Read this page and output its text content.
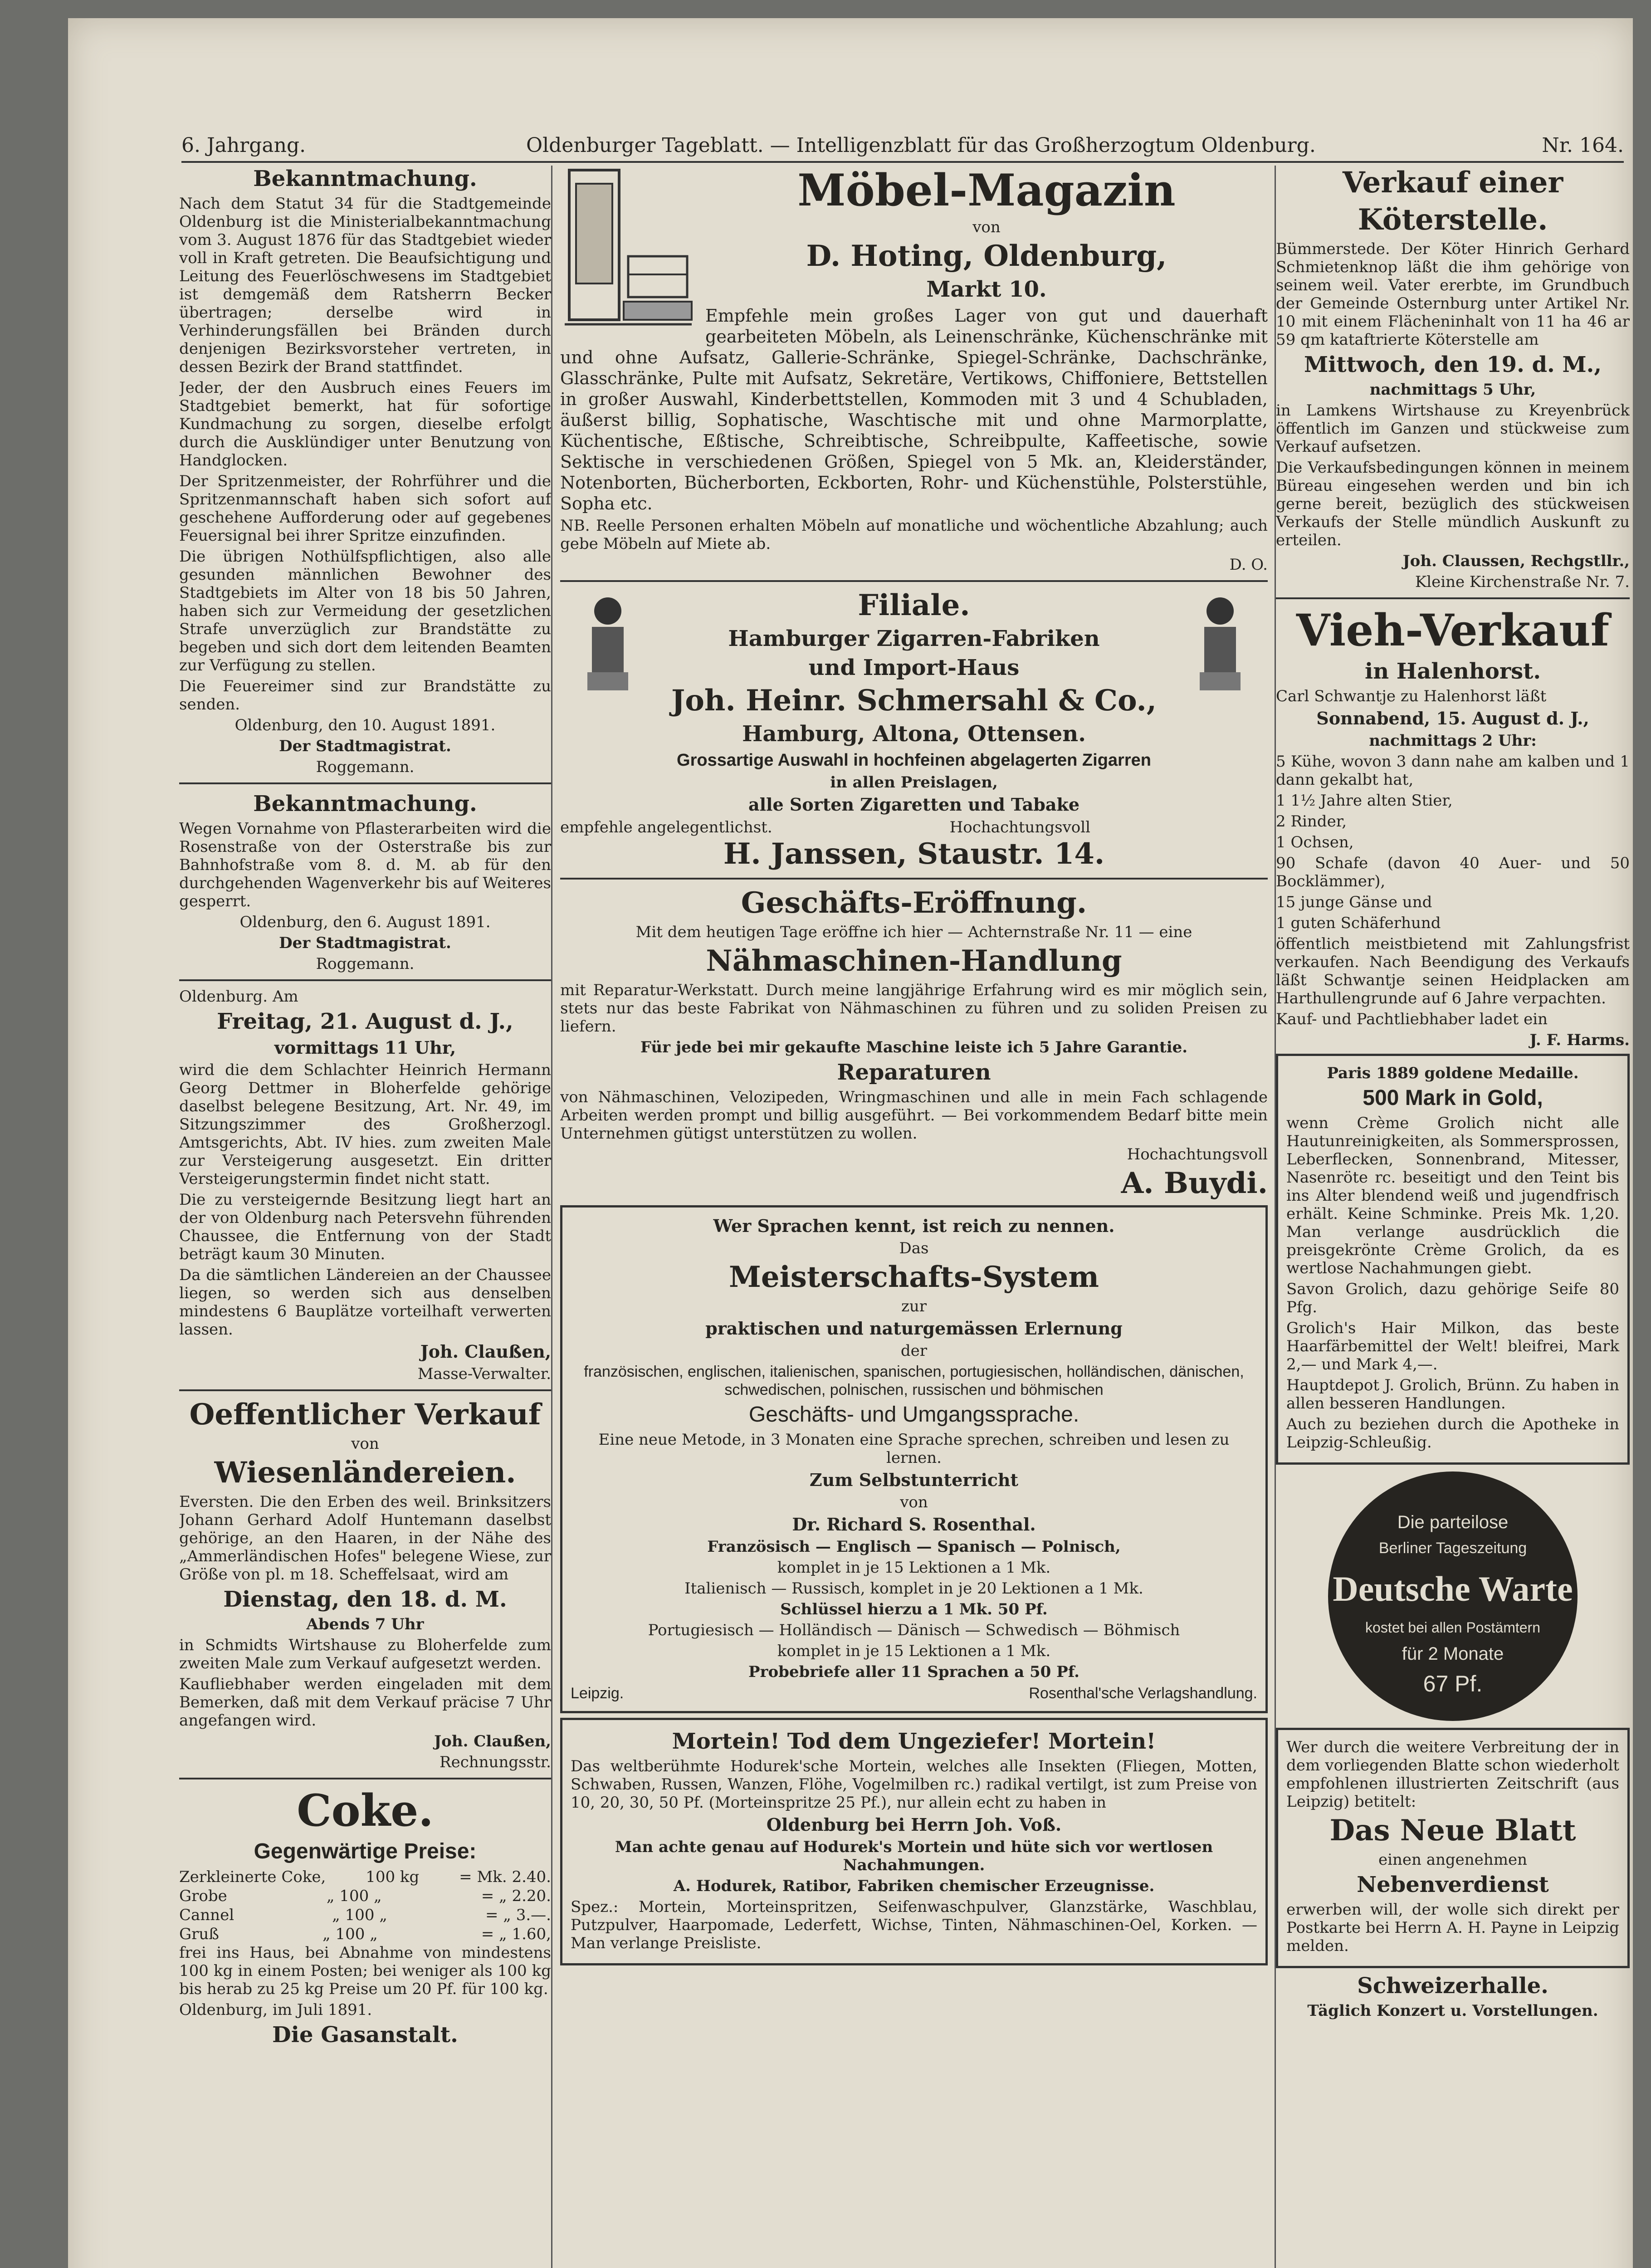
6. Jahrgang.	Oldenburger Tageblatt. — Intelligenzblatt für das Großherzogtum Oldenburg.	Nr. 164.

Bekanntmachung.

Nach dem Statut 34 für die Stadtgemeinde Oldenburg ist die Ministerialbekanntmachung vom 3. August 1876 für das Stadtgebiet wieder voll in Kraft getreten. Die Beaufsichtigung und Leitung des Feuerlöschwesens im Stadtgebiet ist demgemäß dem Ratsherrn Becker übertragen; derselbe wird in Verhinderungsfällen bei Bränden durch denjenigen Bezirksvorsteher vertreten, in dessen Bezirk der Brand stattfindet.

Jeder, der den Ausbruch eines Feuers im Stadtgebiet bemerkt, hat für sofortige Kundmachung zu sorgen, dieselbe erfolgt durch die Ausklündiger unter Benutzung von Handglocken.

Der Spritzenmeister, der Rohrführer und die Spritzenmannschaft haben sich sofort auf geschehene Aufforderung oder auf gegebenes Feuersignal bei ihrer Spritze einzufinden.

Die übrigen Nothülfspflichtigen, also alle gesunden männlichen Bewohner des Stadtgebiets im Alter von 18 bis 50 Jahren, haben sich zur Vermeidung der gesetzlichen Strafe unverzüglich zur Brandstätte zu begeben und sich dort dem leitenden Beamten zur Verfügung zu stellen.

Die Feuereimer sind zur Brandstätte zu senden.

Oldenburg, den 10. August 1891.

Der Stadtmagistrat.

Roggemann.

Bekanntmachung.

Wegen Vornahme von Pflasterarbeiten wird die Rosenstraße von der Osterstraße bis zur Bahnhofstraße vom 8. d. M. ab für den durchgehenden Wagenverkehr bis auf Weiteres gesperrt.

Oldenburg, den 6. August 1891.

Der Stadtmagistrat.

Roggemann.

Oldenburg. Am

Freitag, 21. August d. J.,

vormittags 11 Uhr,

wird die dem Schlachter Heinrich Hermann Georg Dettmer in Bloherfelde gehörige daselbst belegene Besitzung, Art. Nr. 49, im Sitzungszimmer des Großherzogl. Amtsgerichts, Abt. IV hies. zum zweiten Male zur Versteigerung ausgesetzt. Ein dritter Versteigerungstermin findet nicht statt.

Die zu versteigernde Besitzung liegt hart an der von Oldenburg nach Petersvehn führenden Chaussee, die Entfernung von der Stadt beträgt kaum 30 Minuten.

Da die sämtlichen Ländereien an der Chaussee liegen, so werden sich aus denselben mindestens 6 Bauplätze vorteilhaft verwerten lassen.

Joh. Claußen,

Masse-Verwalter.

Oeffentlicher Verkauf

von

Wiesenländereien.

Eversten. Die den Erben des weil. Brinksitzers Johann Gerhard Adolf Huntemann daselbst gehörige, an den Haaren, in der Nähe des „Ammerländischen Hofes" belegene Wiese, zur Größe von pl. m 18. Scheffelsaat, wird am

Dienstag, den 18. d. M.

Abends 7 Uhr

in Schmidts Wirtshause zu Bloherfelde zum zweiten Male zum Verkauf aufgesetzt werden.

Kaufliebhaber werden eingeladen mit dem Bemerken, daß mit dem Verkauf präcise 7 Uhr angefangen wird.

Joh. Claußen,

Rechnungsstr.

Coke.

Gegenwärtige Preise:

Zerkleinerte Coke,	100 kg	= Mk. 2.40.
Grobe	„ 100 „	= „ 2.20.
Cannel	„ 100 „	= „ 3.—.
Gruß	„ 100 „	= „ 1.60,

frei ins Haus, bei Abnahme von mindestens 100 kg in einem Posten; bei weniger als 100 kg bis herab zu 25 kg Preise um 20 Pf. für 100 kg.

Oldenburg, im Juli 1891.

Die Gasanstalt.

Möbel-Magazin

von

D. Hoting, Oldenburg,

Markt 10.

Empfehle mein großes Lager von gut und dauerhaft gearbeiteten Möbeln, als Leinenschränke, Küchenschränke mit und ohne Aufsatz, Gallerie-Schränke, Spiegel-Schränke, Dachschränke, Glasschränke, Pulte mit Aufsatz, Sekretäre, Vertikows, Chiffoniere, Bettstellen in großer Auswahl, Kinderbettstellen, Kommoden mit 3 und 4 Schubladen, äußerst billig, Sophatische, Waschtische mit und ohne Marmorplatte, Küchentische, Eßtische, Schreibtische, Schreibpulte, Kaffeetische, sowie Sektische in verschiedenen Größen, Spiegel von 5 Mk. an, Kleiderständer, Notenborten, Bücherborten, Eckborten, Rohr- und Küchenstühle, Polsterstühle, Sopha etc.

NB. Reelle Personen erhalten Möbeln auf monatliche und wöchentliche Abzahlung; auch gebe Möbeln auf Miete ab.

D. O.

Filiale.

Hamburger Zigarren-Fabriken

und Import-Haus

Joh. Heinr. Schmersahl & Co.,

Hamburg, Altona, Ottensen.

Grossartige Auswahl in hochfeinen abgelagerten Zigarren

in allen Preislagen,

alle Sorten Zigaretten und Tabake

empfehle angelegentlichst.	Hochachtungsvoll

H. Janssen, Staustr. 14.

Geschäfts-Eröffnung.

Mit dem heutigen Tage eröffne ich hier — Achternstraße Nr. 11 — eine

Nähmaschinen-Handlung

mit Reparatur-Werkstatt. Durch meine langjährige Erfahrung wird es mir möglich sein, stets nur das beste Fabrikat von Nähmaschinen zu führen und zu soliden Preisen zu liefern.

Für jede bei mir gekaufte Maschine leiste ich 5 Jahre Garantie.

Reparaturen

von Nähmaschinen, Velozipeden, Wringmaschinen und alle in mein Fach schlagende Arbeiten werden prompt und billig ausgeführt. — Bei vorkommendem Bedarf bitte mein Unternehmen gütigst unterstützen zu wollen.

Hochachtungsvoll

A. Buydi.

Wer Sprachen kennt, ist reich zu nennen.

Das

Meisterschafts-System

zur

praktischen und naturgemässen Erlernung

der

französischen, englischen, italienischen, spanischen, portugiesischen, holländischen, dänischen, schwedischen, polnischen, russischen und böhmischen

Geschäfts- und Umgangssprache.

Eine neue Metode, in 3 Monaten eine Sprache sprechen, schreiben und lesen zu lernen.

Zum Selbstunterricht

von

Dr. Richard S. Rosenthal.

Französisch — Englisch — Spanisch — Polnisch,

komplet in je 15 Lektionen a 1 Mk.

Italienisch — Russisch, komplet in je 20 Lektionen a 1 Mk.

Schlüssel hierzu a 1 Mk. 50 Pf.

Portugiesisch — Holländisch — Dänisch — Schwedisch — Böhmisch

komplet in je 15 Lektionen a 1 Mk.

Probebriefe aller 11 Sprachen a 50 Pf.

Leipzig.	Rosenthal'sche Verlagshandlung.

Mortein! Tod dem Ungeziefer! Mortein!

Das weltberühmte Hodurek'sche Mortein, welches alle Insekten (Fliegen, Motten, Schwaben, Russen, Wanzen, Flöhe, Vogelmilben rc.) radikal vertilgt, ist zum Preise von 10, 20, 30, 50 Pf. (Morteinspritze 25 Pf.), nur allein echt zu haben in

Oldenburg bei Herrn Joh. Voß.

Man achte genau auf Hodurek's Mortein und hüte sich vor wertlosen Nachahmungen.

A. Hodurek, Ratibor, Fabriken chemischer Erzeugnisse.

Spez.: Mortein, Morteinspritzen, Seifenwaschpulver, Glanzstärke, Waschblau, Putzpulver, Haarpomade, Lederfett, Wichse, Tinten, Nähmaschinen-Oel, Korken. — Man verlange Preisliste.

Verkauf einer

Köterstelle.

Bümmerstede. Der Köter Hinrich Gerhard Schmietenknop läßt die ihm gehörige von seinem weil. Vater ererbte, im Grundbuch der Gemeinde Osternburg unter Artikel Nr. 10 mit einem Flächeninhalt von 11 ha 46 ar 59 qm kataftrierte Köterstelle am

Mittwoch, den 19. d. M.,

nachmittags 5 Uhr,

in Lamkens Wirtshause zu Kreyenbrück öffentlich im Ganzen und stückweise zum Verkauf aufsetzen.

Die Verkaufsbedingungen können in meinem Büreau eingesehen werden und bin ich gerne bereit, bezüglich des stückweisen Verkaufs der Stelle mündlich Auskunft zu erteilen.

Joh. Claussen, Rechgstllr.,

Kleine Kirchenstraße Nr. 7.

Vieh-Verkauf

in Halenhorst.

Carl Schwantje zu Halenhorst läßt

Sonnabend, 15. August d. J.,

nachmittags 2 Uhr:

5 Kühe, wovon 3 dann nahe am kalben und 1 dann gekalbt hat,

1 1½ Jahre alten Stier,

2 Rinder,

1 Ochsen,

90 Schafe (davon 40 Auer- und 50 Bocklämmer),

15 junge Gänse und

1 guten Schäferhund

öffentlich meistbietend mit Zahlungsfrist verkaufen. Nach Beendigung des Verkaufs läßt Schwantje seinen Heidplacken am Harthullengrunde auf 6 Jahre verpachten.

Kauf- und Pachtliebhaber ladet ein

J. F. Harms.

Paris 1889 goldene Medaille.

500 Mark in Gold,

wenn Crème Grolich nicht alle Hautunreinigkeiten, als Sommersprossen, Leberflecken, Sonnenbrand, Mitesser, Nasenröte rc. beseitigt und den Teint bis ins Alter blendend weiß und jugendfrisch erhält. Keine Schminke. Preis Mk. 1,20. Man verlange ausdrücklich die preisgekrönte Crème Grolich, da es wertlose Nachahmungen giebt.

Savon Grolich, dazu gehörige Seife 80 Pfg.

Grolich's Hair Milkon, das beste Haarfärbemittel der Welt! bleifrei, Mark 2,— und Mark 4,—.

Hauptdepot J. Grolich, Brünn. Zu haben in allen besseren Handlungen.

Auch zu beziehen durch die Apotheke in Leipzig-Schleußig.

Die parteilose
Berliner Tageszeitung
Deutsche Warte
kostet bei allen Postämtern
für 2 Monate
67 Pf.

Wer durch die weitere Verbreitung der in dem vorliegenden Blatte schon wiederholt empfohlenen illustrierten Zeitschrift (aus Leipzig) betitelt:

Das Neue Blatt

einen angenehmen

Nebenverdienst

erwerben will, der wolle sich direkt per Postkarte bei Herrn A. H. Payne in Leipzig melden.

Schweizerhalle.

Täglich Konzert u. Vorstellungen.
